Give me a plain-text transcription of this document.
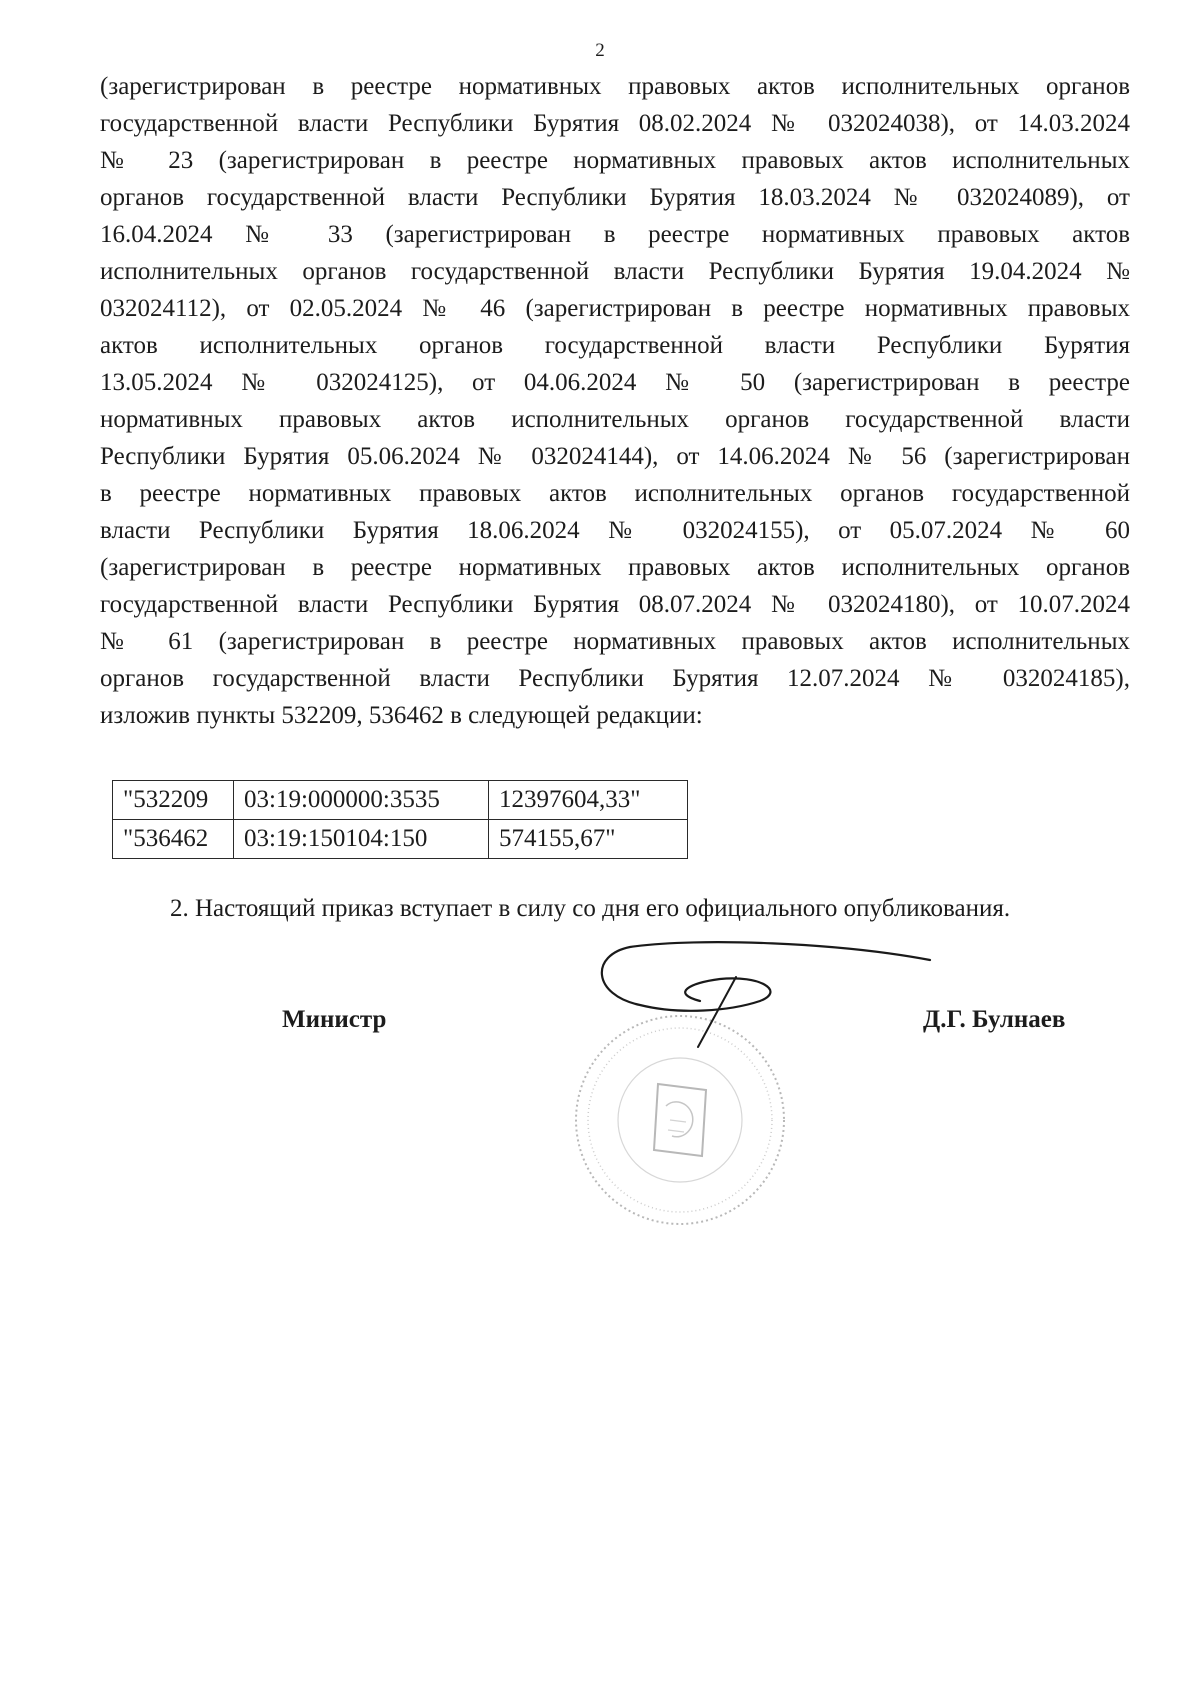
2
(зарегистрирован в реестре нормативных правовых актов исполнительных органов
государственной власти Республики Бурятия 08.02.2024 № 032024038), от 14.03.2024
№ 23 (зарегистрирован в реестре нормативных правовых актов исполнительных
органов государственной власти Республики Бурятия 18.03.2024 № 032024089), от
16.04.2024 № 33 (зарегистрирован в реестре нормативных правовых актов
исполнительных органов государственной власти Республики Бурятия 19.04.2024 №
032024112), от 02.05.2024 № 46 (зарегистрирован в реестре нормативных правовых
актов исполнительных органов государственной власти Республики Бурятия
13.05.2024 № 032024125), от 04.06.2024 № 50 (зарегистрирован в реестре
нормативных правовых актов исполнительных органов государственной власти
Республики Бурятия 05.06.2024 № 032024144), от 14.06.2024 № 56 (зарегистрирован
в реестре нормативных правовых актов исполнительных органов государственной
власти Республики Бурятия 18.06.2024 № 032024155), от 05.07.2024 № 60
(зарегистрирован в реестре нормативных правовых актов исполнительных органов
государственной власти Республики Бурятия 08.07.2024 № 032024180), от 10.07.2024
№ 61 (зарегистрирован в реестре нормативных правовых актов исполнительных
органов государственной власти Республики Бурятия 12.07.2024 № 032024185),
изложив пункты 532209, 536462 в следующей редакции:
"532209	03:19:000000:3535	12397604,33"
"536462	03:19:150104:150	574155,67"
2. Настоящий приказ вступает в силу со дня его официального опубликования.
Министр	Д.Г. Булнаев
